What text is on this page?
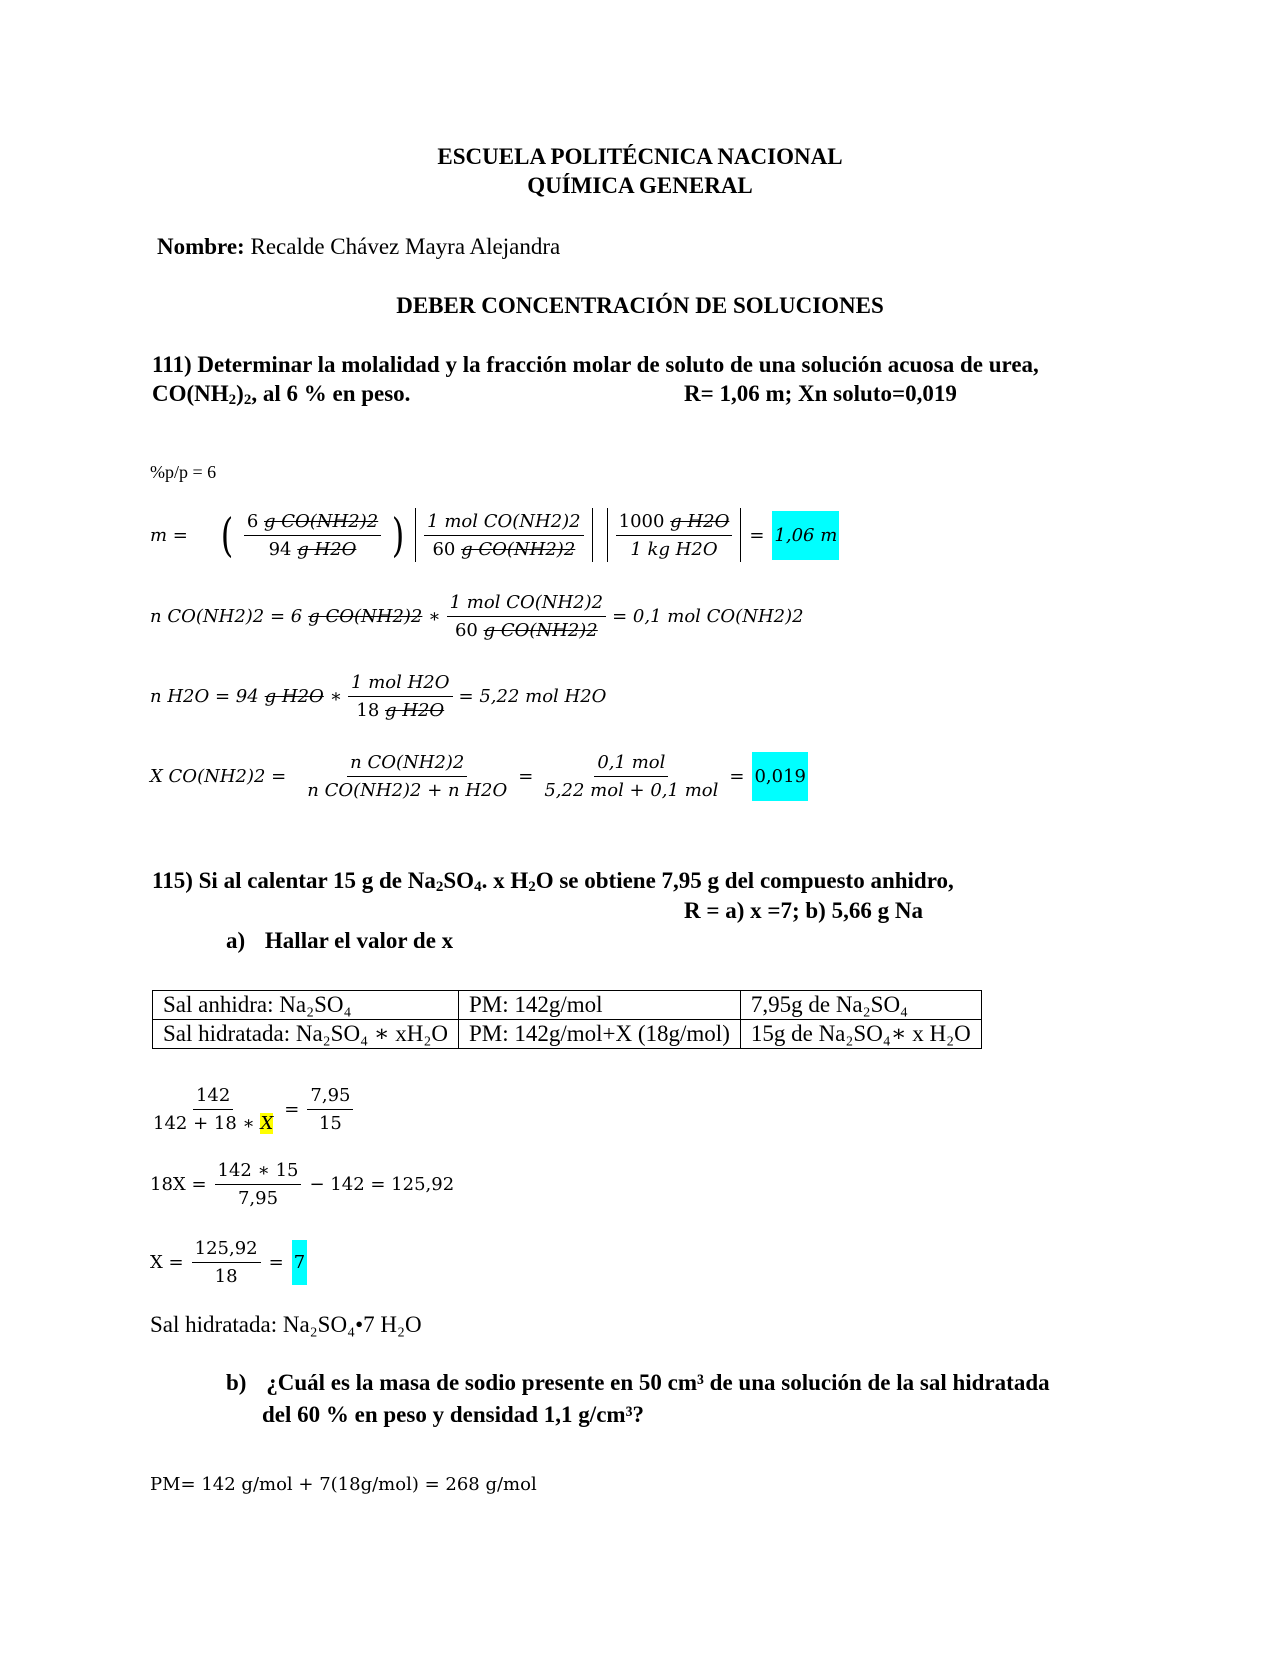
ESCUELA POLITÉCNICA NACIONAL
QUÍMICA GENERAL
Nombre: Recalde Chávez Mayra Alejandra
DEBER CONCENTRACIÓN DE SOLUCIONES
111) Determinar la molalidad y la fracción molar de soluto de una solución acuosa de urea,
$CO(NH_2)_2$, al 6 % en peso.	R= 1,06 m; Xn soluto=0,019
%p/p = 6
m = ( $\frac{\text{6 g CO(NH2)2}}{\text{94 g H2O}}$ ) $\frac{\text{1 mol CO(NH2)2}}{\text{60 g CO(NH2)2}} \frac{\text{1000 g H2O}}{\text{1 kg H2O}} = 1,06$ m
n CO(NH2)2 = 6 g CO(NH2)2 ∗ $\frac{\text{1 mol CO(NH2)2}}{\text{60 g CO(NH2)2}} = 0,1$ mol CO(NH2)2
n H2O = 94 g H2O ∗ $\frac{\text{1 mol H2O}}{\text{18 g H2O}} = 5,22$ mol H2O
X $CO(NH2)2 = \frac{\text{n CO(NH2)2}}{\text{n CO(NH2)2 + n H2O}} = \frac{\text{0,1 mol}}{\text{5,22 mol + 0,1 mol}} = 0,019$
115) Si al calentar 15 g de $Na_2SO_4$. x $H_2O$ se obtiene 7,95 g del compuesto anhidro,
R = a) x =7; b) 5,66 g Na
a) Hallar el valor de x
Sal anhidra: Na₂SO₄	PM: 142g/mol	7,95g de Na₂SO₄
Sal hidratada: Na₂SO₄ ∗ xH₂O	PM: 142g/mol+X (18g/mol)	15g de Na₂SO₄∗ x H₂O
$\frac{142}{142 + 18 ∗ X} = \frac{7,95}{15}$
$18X = \frac{142 ∗ 15}{7,95} - 142 = 125,92$
$X = \frac{125,92}{18} = 7$
Sal hidratada: Na₂SO₄•7 H₂O
b) ¿Cuál es la masa de sodio presente en 50 cm³ de una solución de la sal hidratada
del 60 % en peso y densidad 1,1 g/cm³?
PM= 142 g/mol + 7(18g/mol) = 268 g/mol
